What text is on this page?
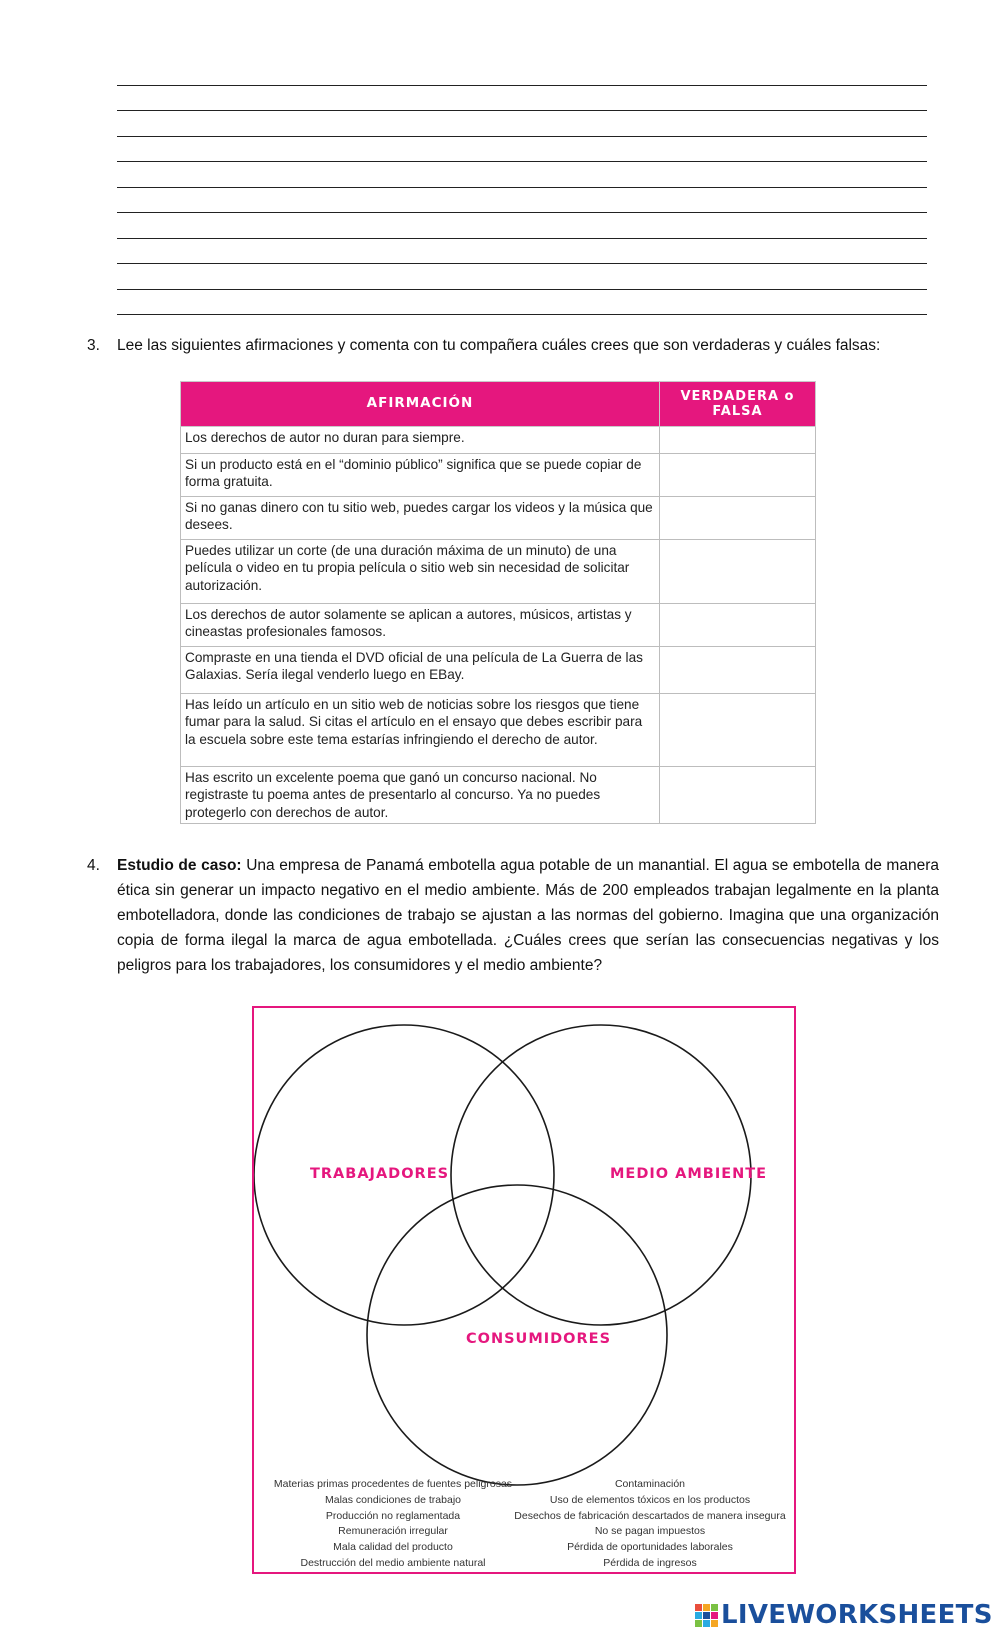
3. Lee las siguientes afirmaciones y comenta con tu compañera cuáles crees que son verdaderas y cuáles falsas:
AFIRMACIÓN	VERDADERA o FALSA
Los derechos de autor no duran para siempre.	
Si un producto está en el “dominio público” significa que se puede copiar de forma gratuita.	
Si no ganas dinero con tu sitio web, puedes cargar los videos y la música que desees.	
Puedes utilizar un corte (de una duración máxima de un minuto) de una película o video en tu propia película o sitio web sin necesidad de solicitar autorización.	
Los derechos de autor solamente se aplican a autores, músicos, artistas y cineastas profesionales famosos.	
Compraste en una tienda el DVD oficial de una película de La Guerra de las Galaxias. Sería ilegal venderlo luego en EBay.	
Has leído un artículo en un sitio web de noticias sobre los riesgos que tiene fumar para la salud. Si citas el artículo en el ensayo que debes escribir para la escuela sobre este tema estarías infringiendo el derecho de autor.	
Has escrito un excelente poema que ganó un concurso nacional. No registraste tu poema antes de presentarlo al concurso. Ya no puedes protegerlo con derechos de autor.	
4. Estudio de caso: Una empresa de Panamá embotella agua potable de un manantial. El agua se embotella de manera ética sin generar un impacto negativo en el medio ambiente. Más de 200 empleados trabajan legalmente en la planta embotelladora, donde las condiciones de trabajo se ajustan a las normas del gobierno. Imagina que una organización copia de forma ilegal la marca de agua embotellada. ¿Cuáles crees que serían las consecuencias negativas y los peligros para los trabajadores, los consumidores y el medio ambiente?
TRABAJADORES	MEDIO AMBIENTE
CONSUMIDORES
Materias primas procedentes de fuentes peligrosas
Malas condiciones de trabajo
Producción no reglamentada
Remuneración irregular
Mala calidad del producto
Destrucción del medio ambiente natural
Contaminación
Uso de elementos tóxicos en los productos
Desechos de fabricación descartados de manera insegura
No se pagan impuestos
Pérdida de oportunidades laborales
Pérdida de ingresos
LIVEWORKSHEETS
